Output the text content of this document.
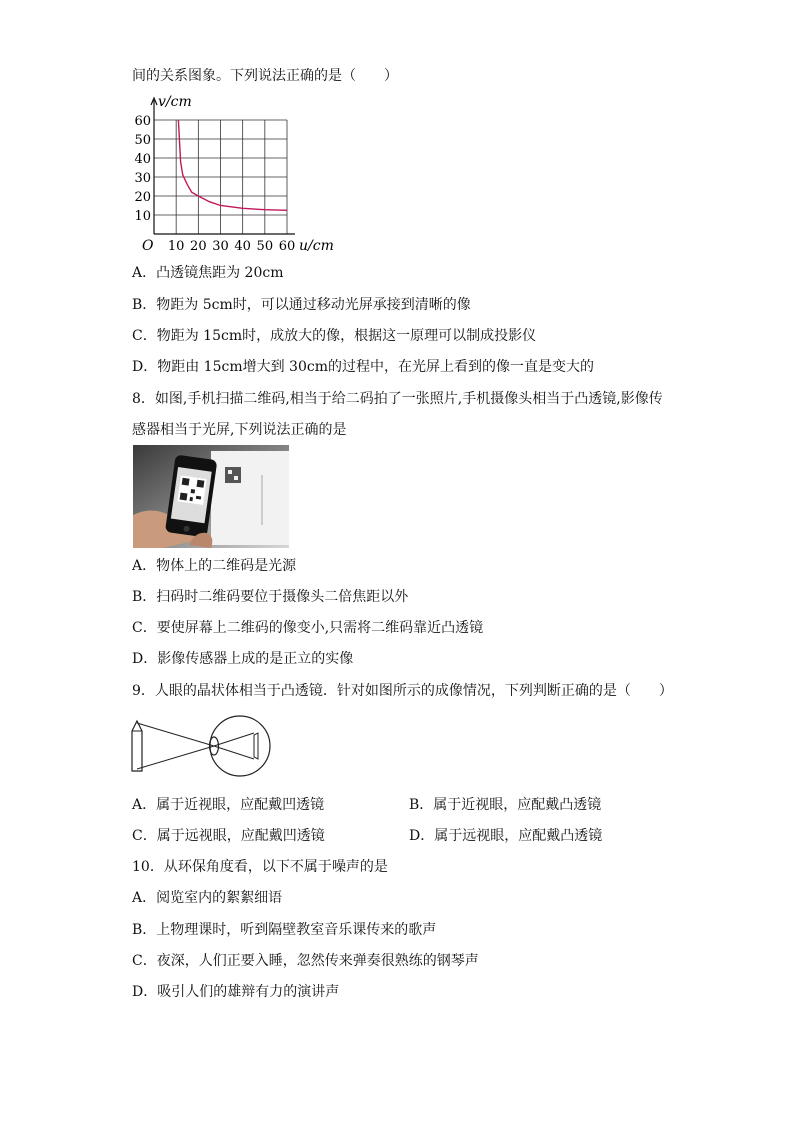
间的关系图象。下列说法正确的是（　　）
10 20 30 40 50 60
10
20
30
40
50
60
v/cm
u/cm
O
A．凸透镜焦距为 20cm
B．物距为 5cm时，可以通过移动光屏承接到清晰的像
C．物距为 15cm时，成放大的像，根据这一原理可以制成投影仪
D．物距由 15cm增大到 30cm的过程中，在光屏上看到的像一直是变大的
8．如图,手机扫描二维码,相当于给二码拍了一张照片,手机摄像头相当于凸透镜,影像传
感器相当于光屏,下列说法正确的是
A．物体上的二维码是光源
B．扫码时二维码要位于摄像头二倍焦距以外
C．要使屏幕上二维码的像变小,只需将二维码靠近凸透镜
D．影像传感器上成的是正立的实像
9．人眼的晶状体相当于凸透镜．针对如图所示的成像情况，下列判断正确的是（　　）
A．属于近视眼，应配戴凹透镜	B．属于近视眼，应配戴凸透镜
C．属于远视眼，应配戴凹透镜	D．属于远视眼，应配戴凸透镜
10．从环保角度看，以下不属于噪声的是
A．阅览室内的絮絮细语
B．上物理课时，听到隔壁教室音乐课传来的歌声
C．夜深，人们正要入睡，忽然传来弹奏很熟练的钢琴声
D．吸引人们的雄辩有力的演讲声
